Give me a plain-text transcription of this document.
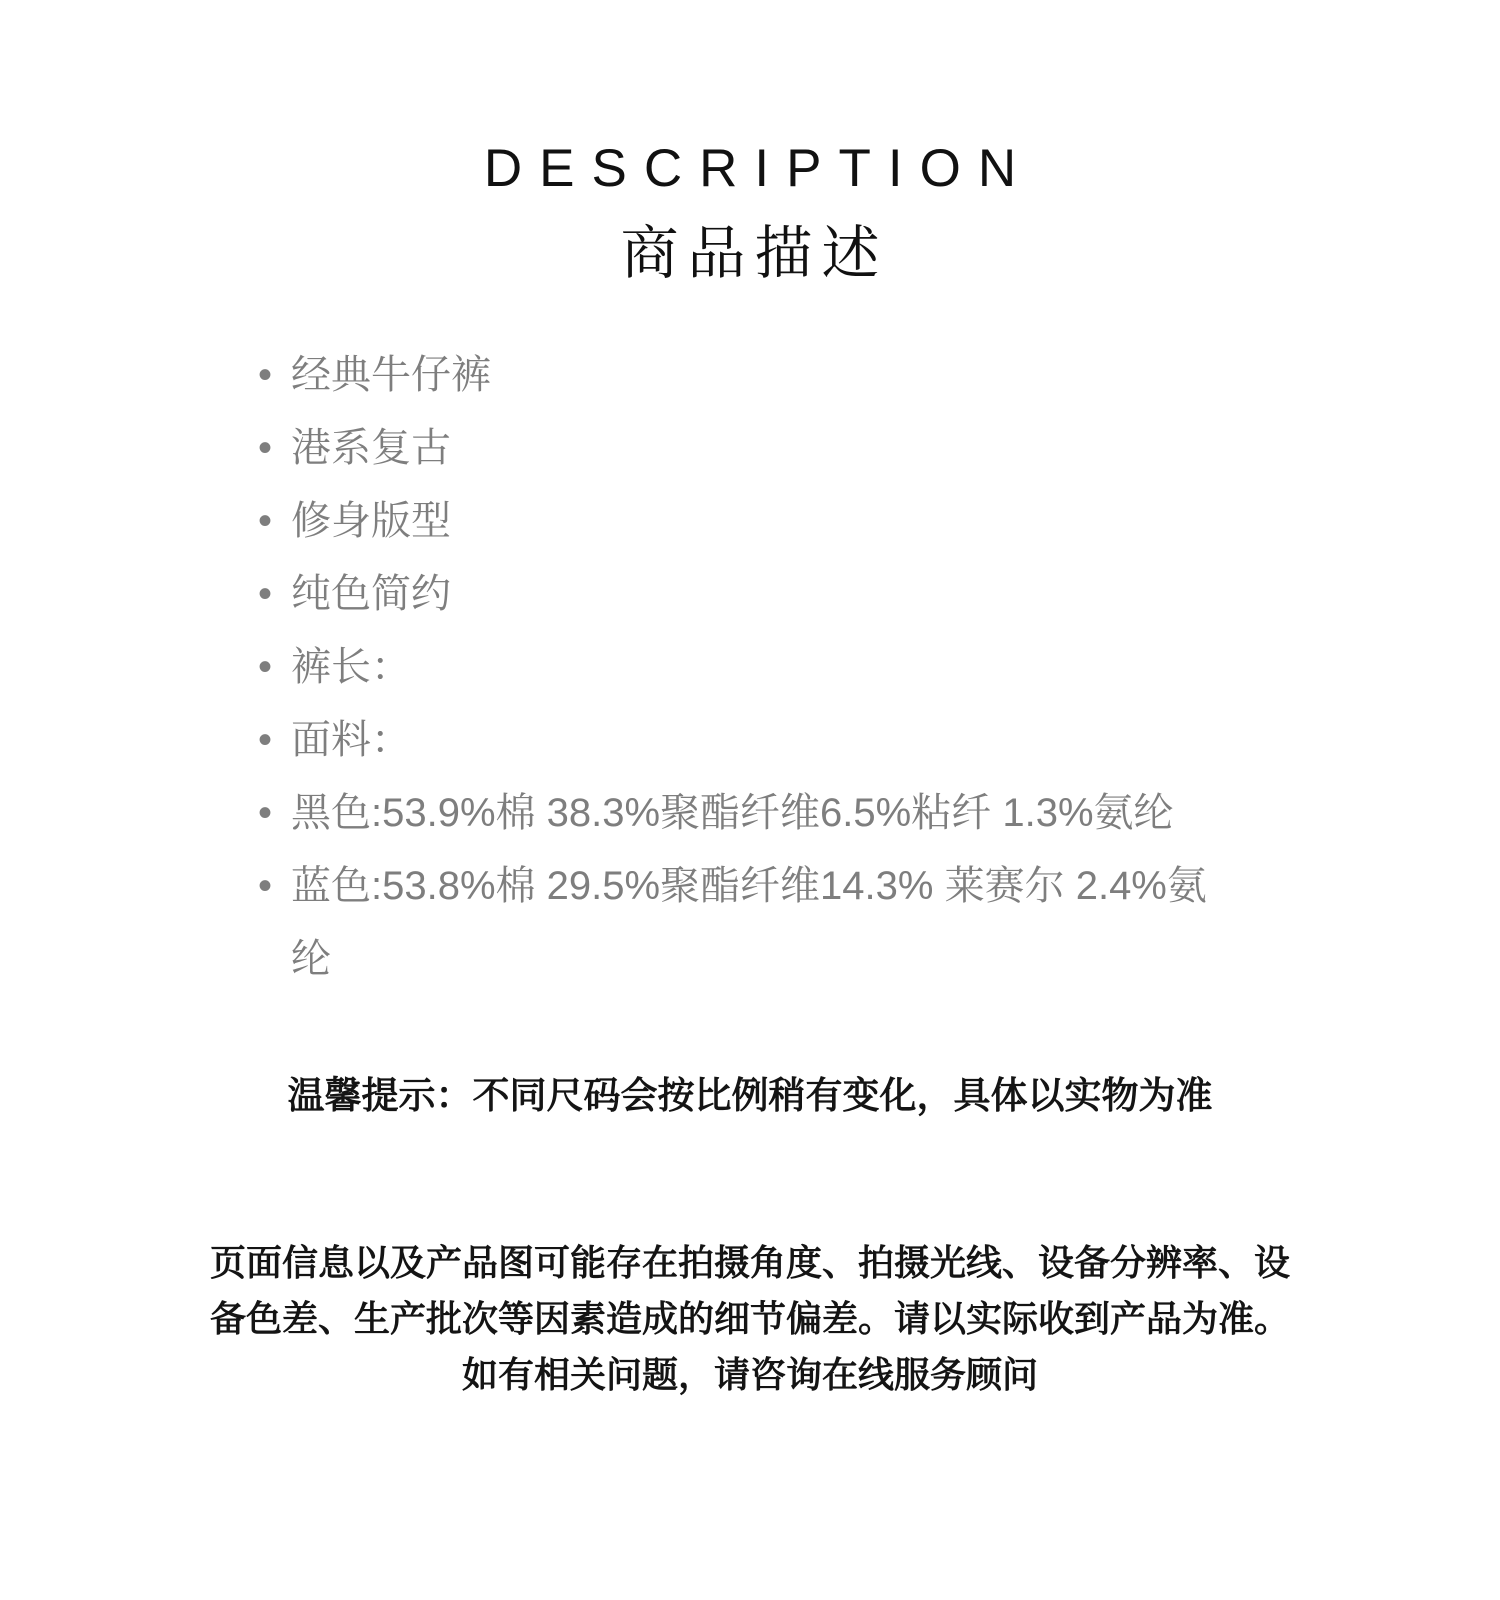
DESCRIPTION
商品描述
• 经典牛仔裤
• 港系复古
• 修身版型
• 纯色简约
• 裤长：
• 面料：
• 黑色:53.9%棉 38.3%聚酯纤维6.5%粘纤 1.3%氨纶
• 蓝色:53.8%棉 29.5%聚酯纤维14.3% 莱赛尔 2.4%氨
纶
温馨提示：不同尺码会按比例稍有变化，具体以实物为准
页面信息以及产品图可能存在拍摄角度、拍摄光线、设备分辨率、设
备色差、生产批次等因素造成的细节偏差。请以实际收到产品为准。
如有相关问题，请咨询在线服务顾问
